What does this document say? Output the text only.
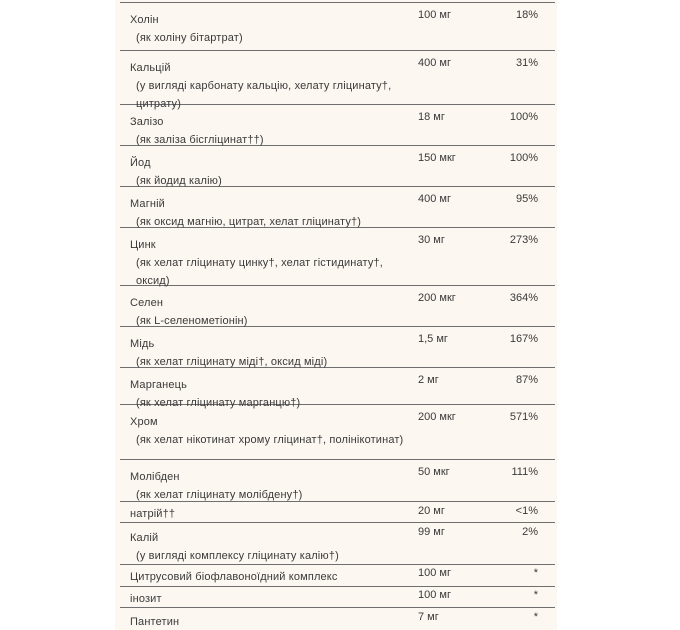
Холін
(як холіну бітартрат)
100 мг	18%
Кальцій
(у вигляді карбонату кальцію, хелату гліцинату†, цитрату)
400 мг	31%
Залізо
(як заліза бісгліцинат††)
18 мг	100%
Йод
(як йодид калію)
150 мкг	100%
Магній
(як оксид магнію, цитрат, хелат гліцинату†)
400 мг	95%
Цинк
(як хелат гліцинату цинку†, хелат гістидинату†, оксид)
30 мг	273%
Селен
(як L-селенометіонін)
200 мкг	364%
Мідь
(як хелат гліцинату міді†, оксид міді)
1,5 мг	167%
Марганець
(як хелат гліцинату марганцю†)
2 мг	87%
Хром
(як хелат нікотинат хрому гліцинат†, полінікотинат)
200 мкг	571%
Молібден
(як хелат гліцинату молібдену†)
50 мкг	111%
натрій††	20 мг	<1%
Калій
(у вигляді комплексу гліцинату калію†)
99 мг	2%
Цитрусовий біофлавоноїдний комплекс	100 мг	*
інозит	100 мг	*
Пантетин	7 мг	*
